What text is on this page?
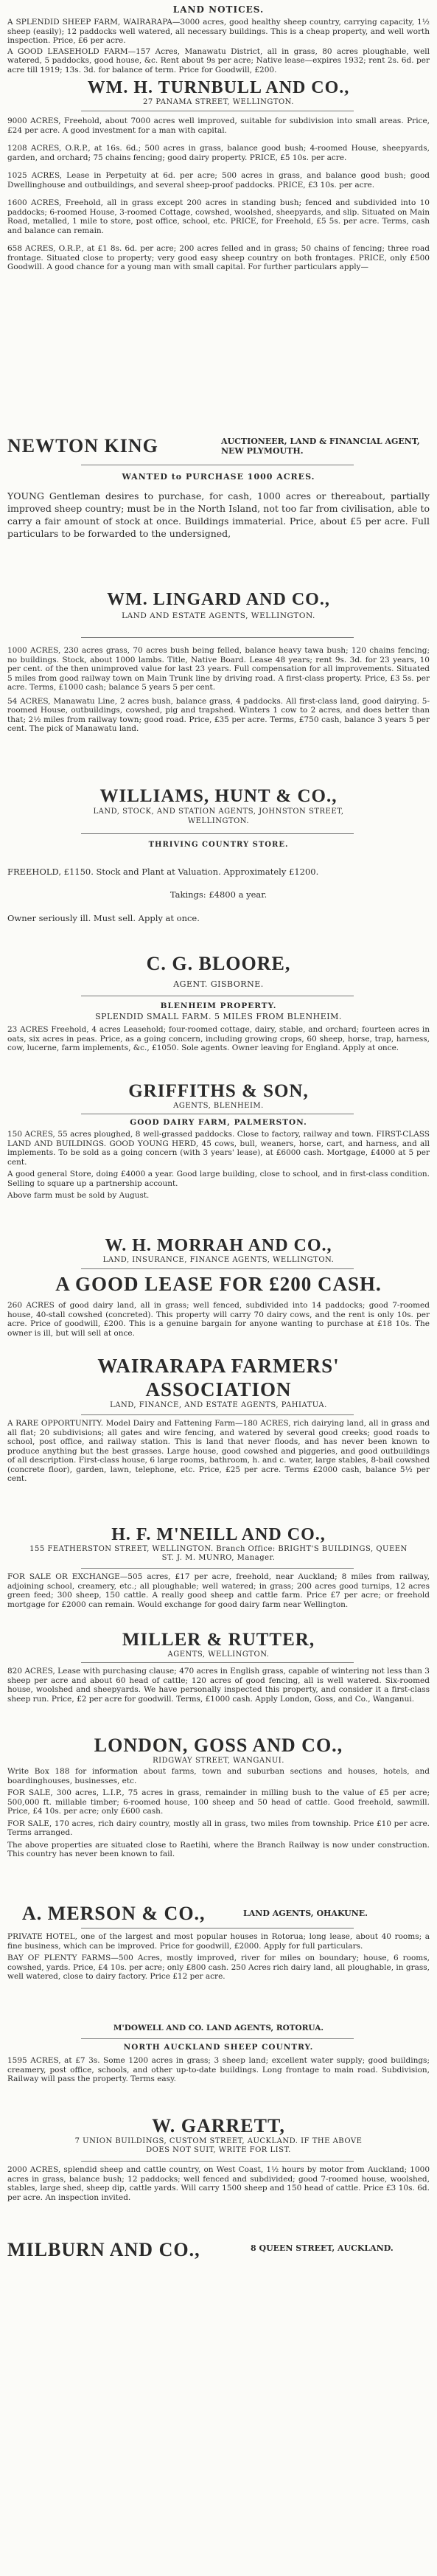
LAND NOTICES.
A SPLENDID SHEEP FARM, WAIRARAPA—3000 acres, good healthy sheep country, carrying capacity, 1½ sheep (easily); 12 paddocks well watered, all necessary buildings. This is a cheap property, and well worth inspection. Price, £6 per acre.
A GOOD LEASEHOLD FARM—157 Acres, Manawatu District, all in grass, 80 acres ploughable, well watered, 5 paddocks, good house, &c. Rent about 9s per acre; Native lease—expires 1932; rent 2s. 6d. per acre till 1919; 13s. 3d. for balance of term. Price for Goodwill, £200.
WM. H. TURNBULL AND CO.,
27 PANAMA STREET, WELLINGTON.
9000 ACRES, Freehold, about 7000 acres well improved, suitable for subdivision into small areas. Price, £24 per acre. A good investment for a man with capital.
1208 ACRES, O.R.P., at 16s. 6d.; 500 acres in grass, balance good bush; 4-roomed House, sheepyards, garden, and orchard; 75 chains fencing; good dairy property. PRICE, £5 10s. per acre.
1025 ACRES, Lease in Perpetuity at 6d. per acre; 500 acres in grass, and balance good bush; good Dwellinghouse and outbuildings, and several sheep-proof paddocks. PRICE, £3 10s. per acre.
1600 ACRES, Freehold, all in grass except 200 acres in standing bush; fenced and subdivided into 10 paddocks; 6-roomed House, 3-roomed Cottage, cowshed, woolshed, sheepyards, and slip. Situated on Main Road, metalled, 1 mile to store, post office, school, etc. PRICE, for Freehold, £5 5s. per acre. Terms, cash and balance can remain.
658 ACRES, O.R.P., at £1 8s. 6d. per acre; 200 acres felled and in grass; 50 chains of fencing; three road frontage. Situated close to property; very good easy sheep country on both frontages. PRICE, only £500 Goodwill. A good chance for a young man with small capital. For further particulars apply—
NEWTON KING	AUCTIONEER, LAND & FINANCIAL AGENT, NEW PLYMOUTH.
WANTED to PURCHASE 1000 ACRES.
YOUNG Gentleman desires to purchase, for cash, 1000 acres or thereabout, partially improved sheep country; must be in the North Island, not too far from civilisation, able to carry a fair amount of stock at once. Buildings immaterial. Price, about £5 per acre. Full particulars to be forwarded to the undersigned,
WM. LINGARD AND CO.,
LAND AND ESTATE AGENTS, WELLINGTON.
1000 ACRES, 230 acres grass, 70 acres bush being felled, balance heavy tawa bush; 120 chains fencing; no buildings. Stock, about 1000 lambs. Title, Native Board. Lease 48 years; rent 9s. 3d. for 23 years, 10 per cent. of the then unimproved value for last 23 years. Full compensation for all improvements. Situated 5 miles from good railway town on Main Trunk line by driving road. A first-class property. Price, £3 5s. per acre. Terms, £1000 cash; balance 5 years 5 per cent.
54 ACRES, Manawatu Line, 2 acres bush, balance grass, 4 paddocks. All first-class land, good dairying. 5-roomed House, outbuildings, cowshed, pig and trapshed. Winters 1 cow to 2 acres, and does better than that; 2½ miles from railway town; good road. Price, £35 per acre. Terms, £750 cash, balance 3 years 5 per cent. The pick of Manawatu land.
WILLIAMS, HUNT & CO.,
LAND, STOCK, AND STATION AGENTS, JOHNSTON STREET, WELLINGTON.
THRIVING COUNTRY STORE.
FREEHOLD, £1150. Stock and Plant at Valuation. Approximately £1200.
Takings: £4800 a year.
Owner seriously ill. Must sell. Apply at once.
C. G. BLOORE,
AGENT. GISBORNE.
BLENHEIM PROPERTY.
SPLENDID SMALL FARM. 5 MILES FROM BLENHEIM.
23 ACRES Freehold, 4 acres Leasehold; four-roomed cottage, dairy, stable, and orchard; fourteen acres in oats, six acres in peas. Price, as a going concern, including growing crops, 60 sheep, horse, trap, harness, cow, lucerne, farm implements, &c., £1050. Sole agents. Owner leaving for England. Apply at once.
GRIFFITHS & SON,
AGENTS, BLENHEIM.
GOOD DAIRY FARM, PALMERSTON.
150 ACRES, 55 acres ploughed, 8 well-grassed paddocks. Close to factory, railway and town. FIRST-CLASS LAND AND BUILDINGS. GOOD YOUNG HERD, 45 cows, bull, weaners, horse, cart, and harness, and all implements. To be sold as a going concern (with 3 years' lease), at £6000 cash. Mortgage, £4000 at 5 per cent.
A good general Store, doing £4000 a year. Good large building, close to school, and in first-class condition. Selling to square up a partnership account.
Above farm must be sold by August.
W. H. MORRAH AND CO.,
LAND, INSURANCE, FINANCE AGENTS, WELLINGTON.
A GOOD LEASE FOR £200 CASH.
260 ACRES of good dairy land, all in grass; well fenced, subdivided into 14 paddocks; good 7-roomed house, 40-stall cowshed (concreted). This property will carry 70 dairy cows, and the rent is only 10s. per acre. Price of goodwill, £200. This is a genuine bargain for anyone wanting to purchase at £18 10s. The owner is ill, but will sell at once.
WAIRARAPA FARMERS' ASSOCIATION
LAND, FINANCE, AND ESTATE AGENTS, PAHIATUA.
A RARE OPPORTUNITY. Model Dairy and Fattening Farm—180 ACRES, rich dairying land, all in grass and all flat; 20 subdivisions; all gates and wire fencing, and watered by several good creeks; good roads to school, post office, and railway station. This is land that never floods, and has never been known to produce anything but the best grasses. Large house, good cowshed and piggeries, and good outbuildings of all description. First-class house, 6 large rooms, bathroom, h. and c. water, large stables, 8-bail cowshed (concrete floor), garden, lawn, telephone, etc. Price, £25 per acre. Terms £2000 cash, balance 5½ per cent.
H. F. M'NEILL AND CO.,
155 FEATHERSTON STREET, WELLINGTON. Branch Office: BRIGHT'S BUILDINGS, QUEEN ST. J. M. MUNRO, Manager.
FOR SALE OR EXCHANGE—505 acres, £17 per acre, freehold, near Auckland; 8 miles from railway, adjoining school, creamery, etc.; all ploughable; well watered; in grass; 200 acres good turnips, 12 acres green feed; 300 sheep, 150 cattle. A really good sheep and cattle farm. Price £7 per acre; or freehold mortgage for £2000 can remain. Would exchange for good dairy farm near Wellington.
MILLER & RUTTER,
AGENTS, WELLINGTON.
820 ACRES, Lease with purchasing clause; 470 acres in English grass, capable of wintering not less than 3 sheep per acre and about 60 head of cattle; 120 acres of good fencing, all is well watered. Six-roomed house, woolshed and sheepyards. We have personally inspected this property, and consider it a first-class sheep run. Price, £2 per acre for goodwill. Terms, £1000 cash. Apply London, Goss, and Co., Wanganui.
LONDON, GOSS AND CO.,
RIDGWAY STREET, WANGANUI.
Write Box 188 for information about farms, town and suburban sections and houses, hotels, and boardinghouses, businesses, etc.
FOR SALE, 300 acres, L.I.P., 75 acres in grass, remainder in milling bush to the value of £5 per acre; 500,000 ft. millable timber; 6-roomed house, 100 sheep and 50 head of cattle. Good freehold, sawmill. Price, £4 10s. per acre; only £600 cash.
FOR SALE, 170 acres, rich dairy country, mostly all in grass, two miles from township. Price £10 per acre. Terms arranged.
The above properties are situated close to Raetihi, where the Branch Railway is now under construction. This country has never been known to fail.
A. MERSON & CO.,	LAND AGENTS, OHAKUNE.
PRIVATE HOTEL, one of the largest and most popular houses in Rotorua; long lease, about 40 rooms; a fine business, which can be improved. Price for goodwill, £2000. Apply for full particulars.
BAY OF PLENTY FARMS—500 Acres, mostly improved, river for miles on boundary; house, 6 rooms, cowshed, yards. Price, £4 10s. per acre; only £800 cash. 250 Acres rich dairy land, all ploughable, in grass, well watered, close to dairy factory. Price £12 per acre.
M'DOWELL AND CO. LAND AGENTS, ROTORUA.
NORTH AUCKLAND SHEEP COUNTRY.
1595 ACRES, at £7 3s. Some 1200 acres in grass; 3 sheep land; excellent water supply; good buildings; creamery, post office, schools, and other up-to-date buildings. Long frontage to main road. Subdivision, Railway will pass the property. Terms easy.
W. GARRETT,
7 UNION BUILDINGS, CUSTOM STREET, AUCKLAND. IF THE ABOVE DOES NOT SUIT, WRITE FOR LIST.
2000 ACRES, splendid sheep and cattle country, on West Coast, 1½ hours by motor from Auckland; 1000 acres in grass, balance bush; 12 paddocks; well fenced and subdivided; good 7-roomed house, woolshed, stables, large shed, sheep dip, cattle yards. Will carry 1500 sheep and 150 head of cattle. Price £3 10s. 6d. per acre. An inspection invited.
MILBURN AND CO.,	8 QUEEN STREET, AUCKLAND.
